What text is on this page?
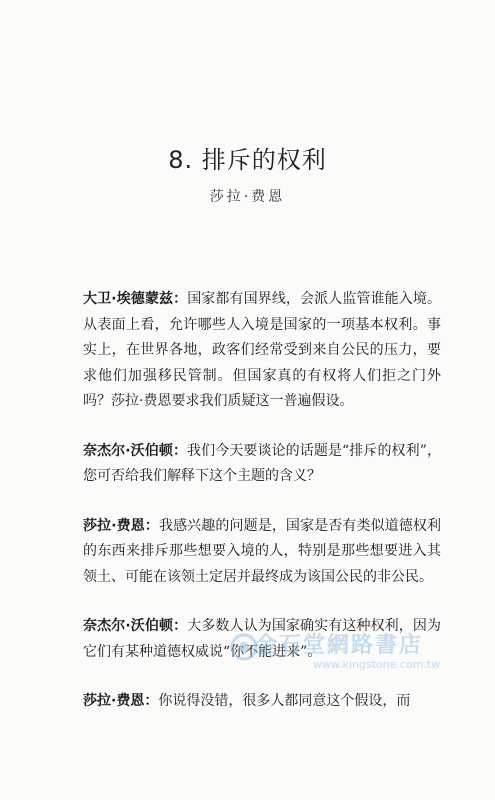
8. 排斥的权利
莎拉·费恩

大卫·埃德蒙兹：国家都有国界线，会派人监管谁能入境。从表面上看，允许哪些人入境是国家的一项基本权利。事实上，在世界各地，政客们经常受到来自公民的压力，要求他们加强移民管制。但国家真的有权将人们拒之门外吗？莎拉·费恩要求我们质疑这一普遍假设。

奈杰尔·沃伯顿：我们今天要谈论的话题是“排斥的权利”，您可否给我们解释下这个主题的含义？

莎拉·费恩：我感兴趣的问题是，国家是否有类似道德权利的东西来排斥那些想要入境的人，特别是那些想要进入其领土、可能在该领土定居并最终成为该国公民的非公民。

奈杰尔·沃伯顿：大多数人认为国家确实有这种权利，因为它们有某种道德权威说“你不能进来”。

莎拉·费恩：你说得没错，很多人都同意这个假设，而

金石堂網路書店
www.kingstone.com.tw
